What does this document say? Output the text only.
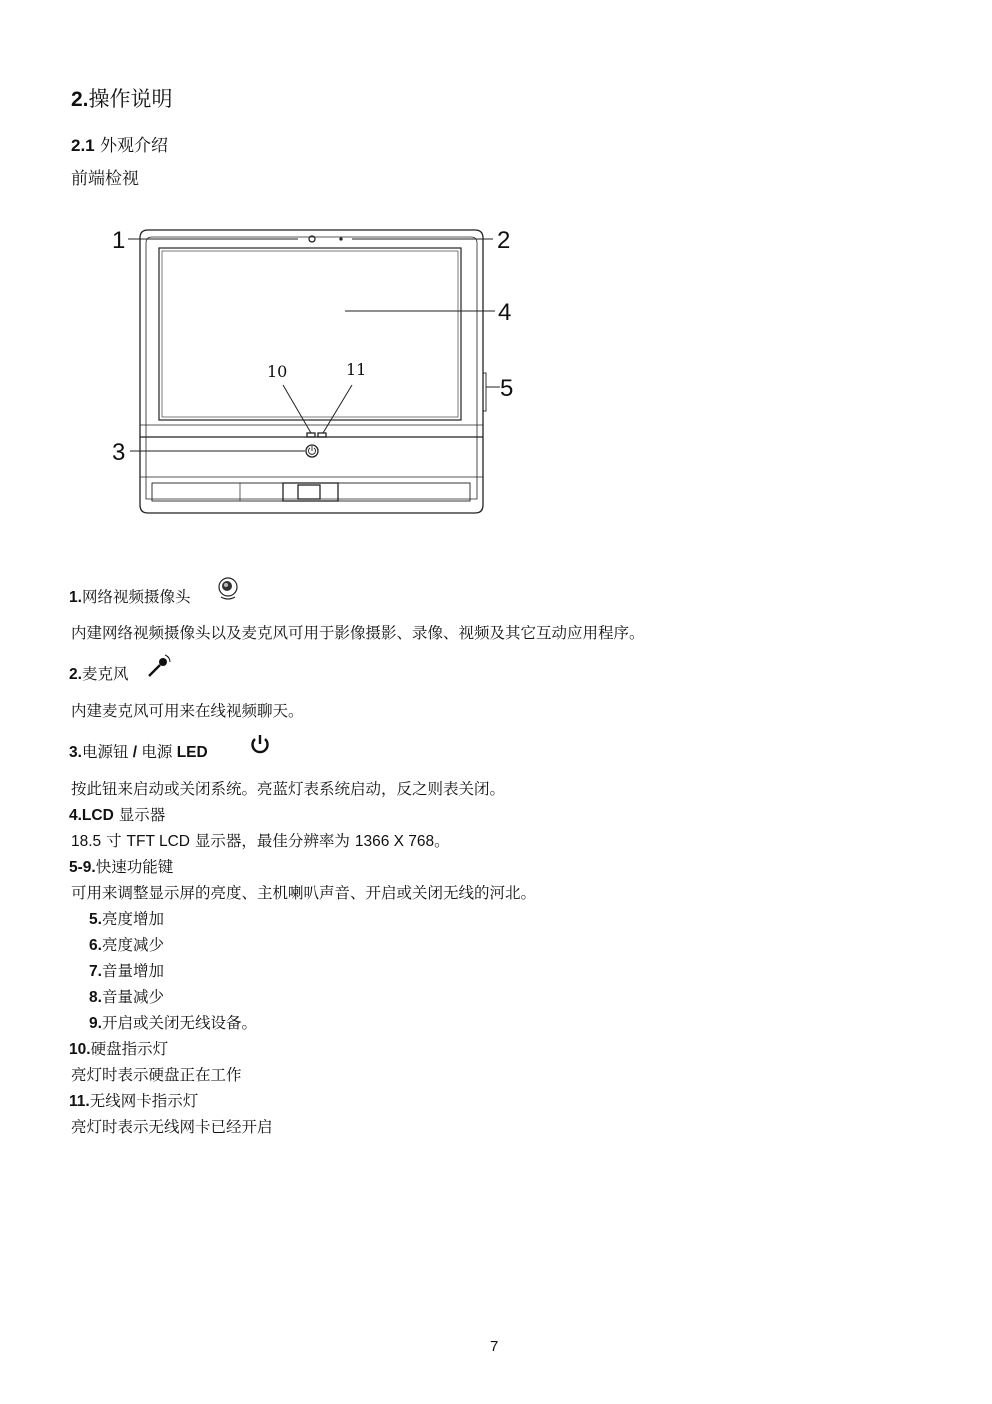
2.操作说明
2.1 外观介绍
前端检视
1	2
3
4
5
10	11
1.网络视频摄像头
内建网络视频摄像头以及麦克风可用于影像摄影、录像、视频及其它互动应用程序。
2.麦克风
内建麦克风可用来在线视频聊天。
3.电源钮 / 电源 LED
按此钮来启动或关闭系统。亮蓝灯表系统启动，反之则表关闭。
4.LCD 显示器
18.5 寸 TFT LCD 显示器，最佳分辨率为 1366 X 768。
5-9.快速功能键
可用来调整显示屏的亮度、主机喇叭声音、开启或关闭无线的河北。
5.亮度增加
6.亮度减少
7.音量增加
8.音量减少
9.开启或关闭无线设备。
10.硬盘指示灯
亮灯时表示硬盘正在工作
11.无线网卡指示灯
亮灯时表示无线网卡已经开启
7
